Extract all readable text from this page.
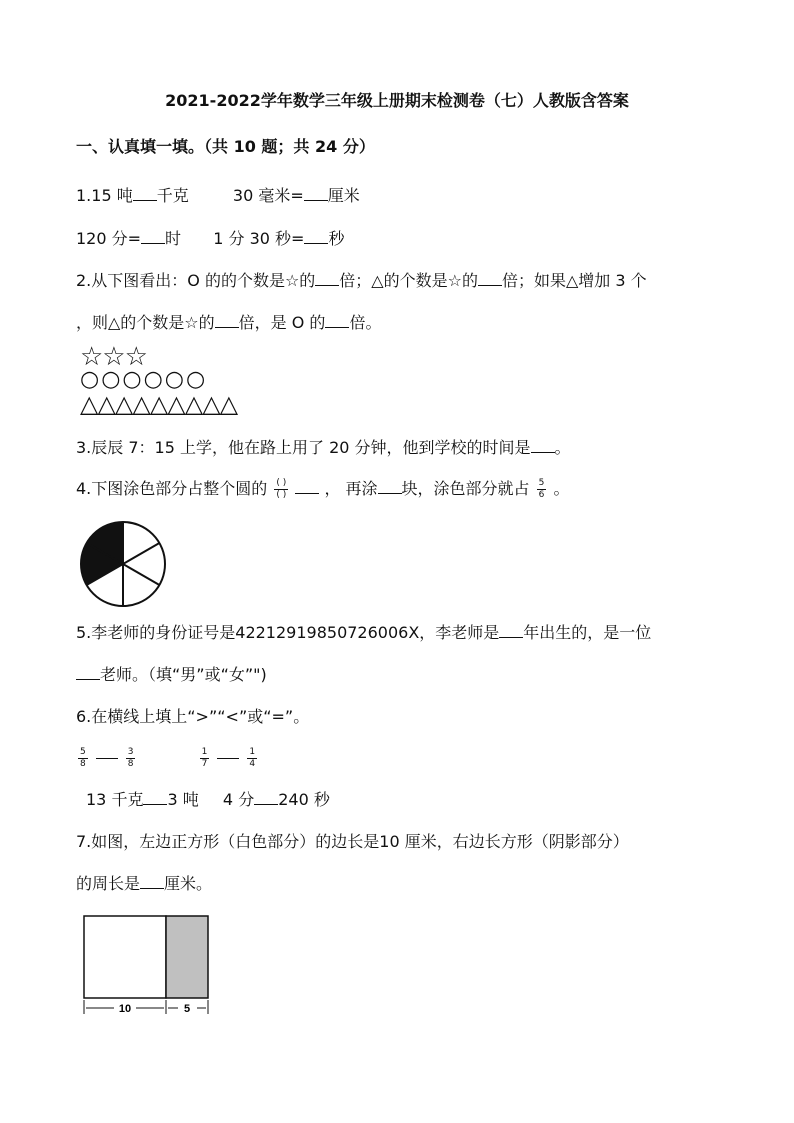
2021-2022学年数学三年级上册期末检测卷（七）人教版含答案
一、认真填一填。（共 10 题；共 24 分）
1.15 吨 千克	30 毫米= 厘米
120 分= 时 1 分 30 秒= 秒
2.从下图看出：O 的的个数是☆的 倍；△的个数是☆的 倍；如果△增加 3 个
，则△的个数是☆的 倍，是 O 的 倍。
☆☆☆
○○○○○○
△△△△△△△△△
3.辰辰 7：15 上学，他在路上用了 20 分钟，他到学校的时间是 。
4.下图涂色部分占整个圆的 $\frac{( )}{( )}$ ， 再涂 块，涂色部分就占 $\frac{5}{6}$ 。
5.李老师的身份证号是42212919850726006X，李老师是 年出生的，是一位
老师。（填“男”或“女”")
6.在横线上填上“>”“<”或“=”。
$\frac{5}{8}$	$\frac{3}{8}$
	$\frac{1}{7}$	$\frac{1}{4}$
13 千克 3 吨 4 分 240 秒
7.如图，左边正方形（白色部分）的边长是10 厘米，右边长方形（阴影部分）
的周长是 厘米。
10	5
